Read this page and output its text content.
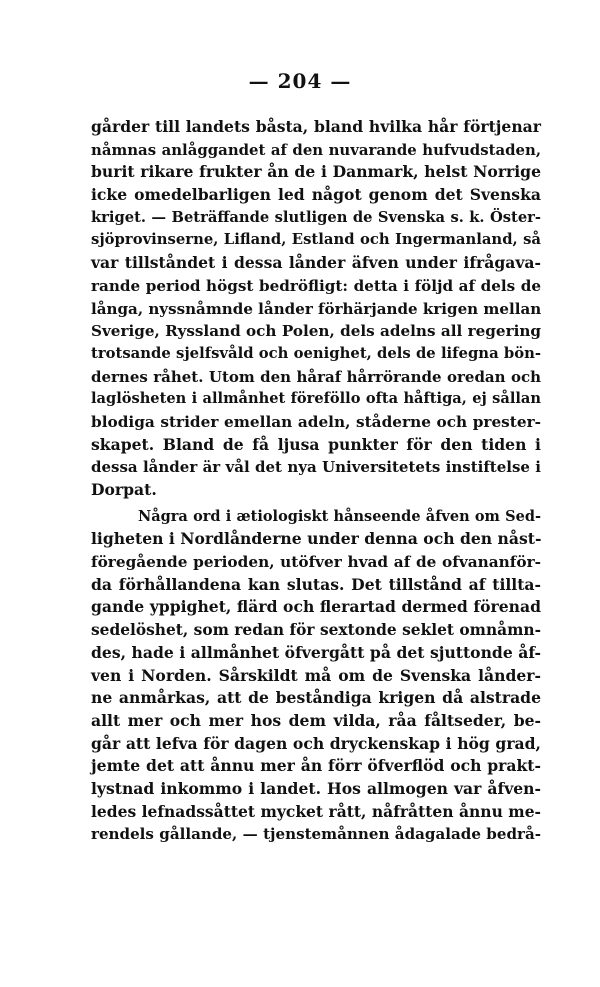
— 204 —
gårder till landets båsta, bland hvilka hår förtjenar
nåmnas anlåggandet af den nuvarande hufvudstaden,
burit rikare frukter ån de i Danmark, helst Norrige
icke omedelbarligen led något genom det Svenska
kriget. — Beträffande slutligen de Svenska s. k. Öster-
sjöprovinserne, Lifland, Estland och Ingermanland, så
var tillståndet i dessa lånder äfven under ifrågava-
rande period högst bedröfligt: detta i följd af dels de
långa, nyssnåmnde lånder förhärjande krigen mellan
Sverige, Ryssland och Polen, dels adelns all regering
trotsande sjelfsvåld och oenighet, dels de lifegna bön-
dernes råhet. Utom den håraf hårrörande oredan och
laglösheten i allmånhet föreföllo ofta håftiga, ej sållan
blodiga strider emellan adeln, ståderne och prester-
skapet. Bland de få ljusa punkter för den tiden i
dessa lånder är vål det nya Universitetets instiftelse i
Dorpat.
Några ord i ætiologiskt hånseende åfven om Sed-
ligheten i Nordlånderne under denna och den nåst-
föregående perioden, utöfver hvad af de ofvananför-
da förhållandena kan slutas. Det tillstånd af tillta-
gande yppighet, flärd och flerartad dermed förenad
sedelöshet, som redan för sextonde seklet omnåmn-
des, hade i allmånhet öfvergått på det sjuttonde åf-
ven i Norden. Sårskildt må om de Svenska lånder-
ne anmårkas, att de beståndiga krigen då alstrade
allt mer och mer hos dem vilda, råa fåltseder, be-
går att lefva för dagen och dryckenskap i hög grad,
jemte det att ånnu mer ån förr öfverflöd och prakt-
lystnad inkommo i landet. Hos allmogen var åfven-
ledes lefnadssåttet mycket rått, nåfråtten ånnu me-
rendels gållande, — tjenstemånnen ådagalade bedrå-
